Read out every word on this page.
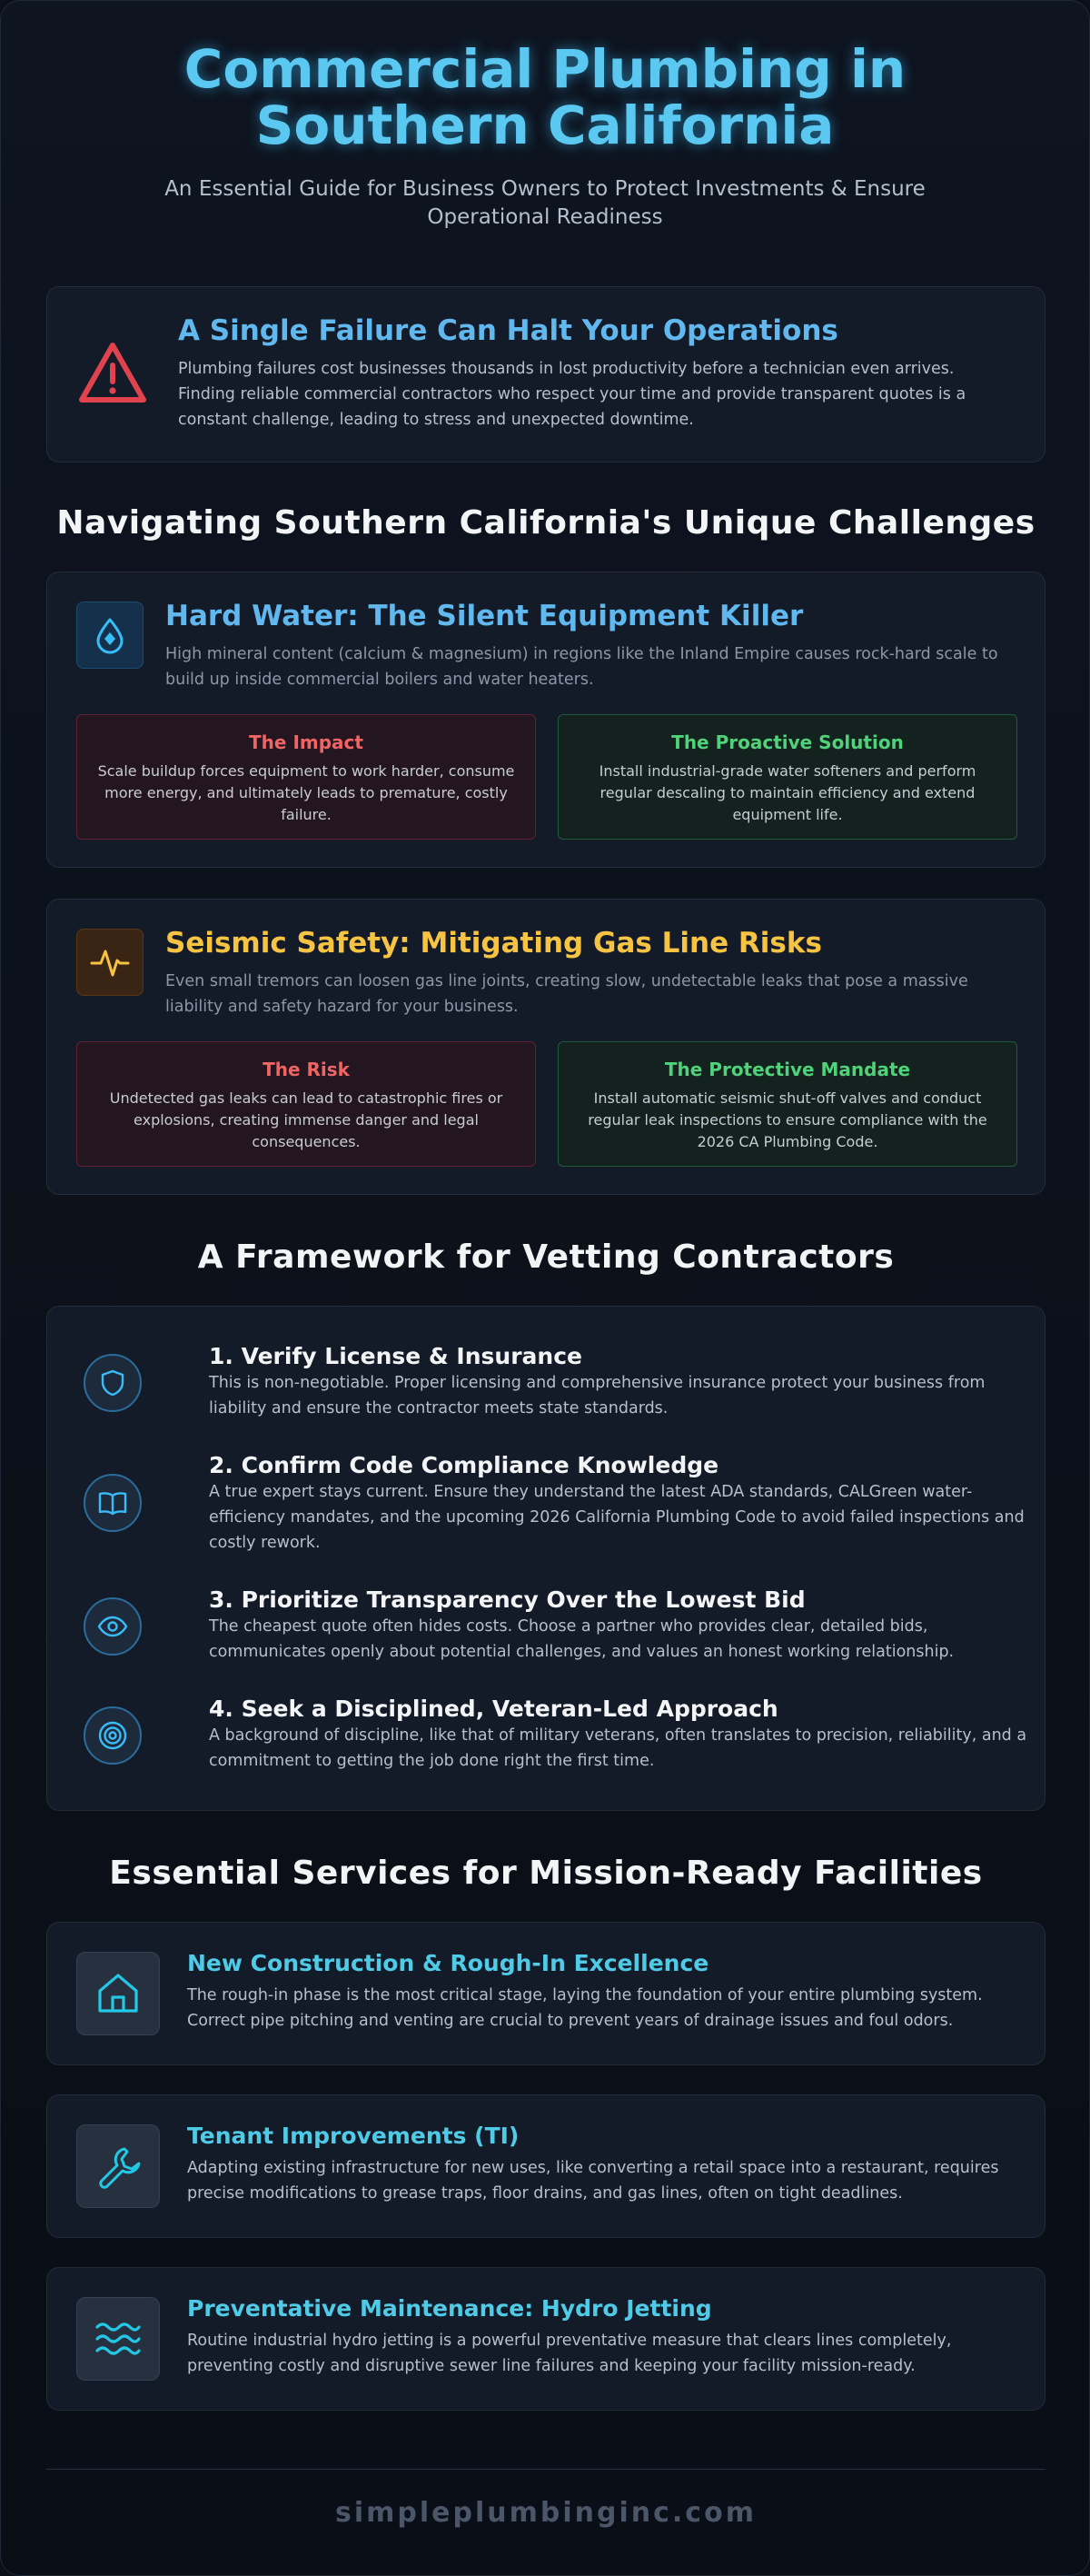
Commercial Plumbing in
Southern California

An Essential Guide for Business Owners to Protect Investments & Ensure Operational Readiness

A Single Failure Can Halt Your Operations

Plumbing failures cost businesses thousands in lost productivity before a technician even arrives. Finding reliable commercial contractors who respect your time and provide transparent quotes is a constant challenge, leading to stress and unexpected downtime.

Navigating Southern California's Unique Challenges
Hard Water: The Silent Equipment Killer

High mineral content (calcium & magnesium) in regions like the Inland Empire causes rock-hard scale to build up inside commercial boilers and water heaters.

The Impact

Scale buildup forces equipment to work harder, consume more energy, and ultimately leads to premature, costly failure.

The Proactive Solution

Install industrial-grade water softeners and perform regular descaling to maintain efficiency and extend equipment life.

Seismic Safety: Mitigating Gas Line Risks

Even small tremors can loosen gas line joints, creating slow, undetectable leaks that pose a massive liability and safety hazard for your business.

The Risk

Undetected gas leaks can lead to catastrophic fires or explosions, creating immense danger and legal consequences.

The Protective Mandate

Install automatic seismic shut-off valves and conduct regular leak inspections to ensure compliance with the 2026 CA Plumbing Code.

A Framework for Vetting Contractors
1. Verify License & Insurance

This is non-negotiable. Proper licensing and comprehensive insurance protect your business from liability and ensure the contractor meets state standards.

2. Confirm Code Compliance Knowledge

A true expert stays current. Ensure they understand the latest ADA standards, CALGreen water-efficiency mandates, and the upcoming 2026 California Plumbing Code to avoid failed inspections and costly rework.

3. Prioritize Transparency Over the Lowest Bid

The cheapest quote often hides costs. Choose a partner who provides clear, detailed bids, communicates openly about potential challenges, and values an honest working relationship.

4. Seek a Disciplined, Veteran-Led Approach

A background of discipline, like that of military veterans, often translates to precision, reliability, and a commitment to getting the job done right the first time.

Essential Services for Mission-Ready Facilities
New Construction & Rough-In Excellence

The rough-in phase is the most critical stage, laying the foundation of your entire plumbing system. Correct pipe pitching and venting are crucial to prevent years of drainage issues and foul odors.

Tenant Improvements (TI)

Adapting existing infrastructure for new uses, like converting a retail space into a restaurant, requires precise modifications to grease traps, floor drains, and gas lines, often on tight deadlines.

Preventative Maintenance: Hydro Jetting

Routine industrial hydro jetting is a powerful preventative measure that clears lines completely, preventing costly and disruptive sewer line failures and keeping your facility mission-ready.

simpleplumbinginc.com
